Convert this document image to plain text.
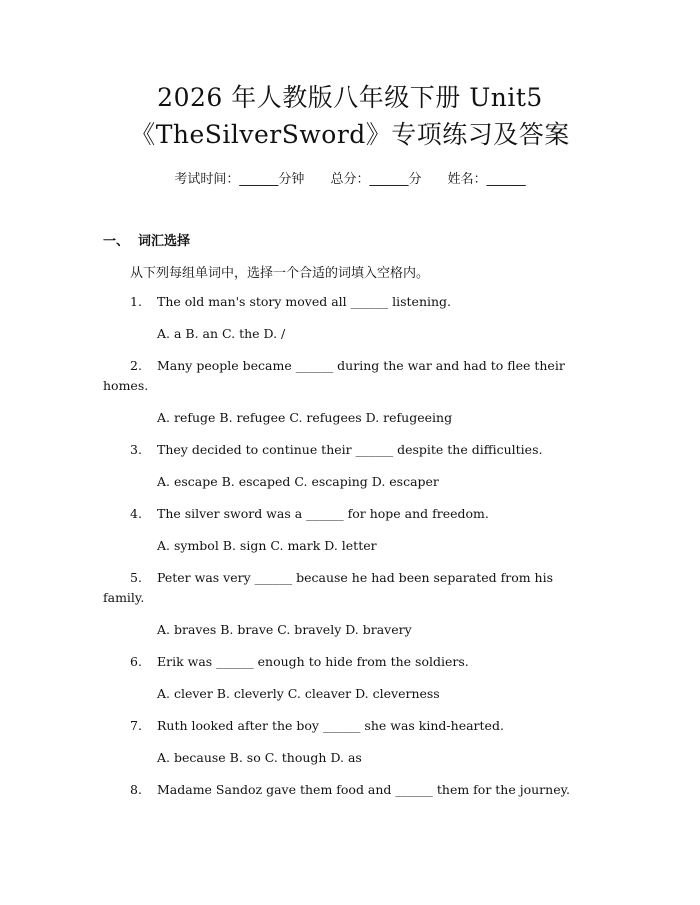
2026 年人教版八年级下册 Unit5
《TheSilverSword》专项练习及答案
考试时间：______分钟 总分：______分 姓名：______
一、 词汇选择
从下列每组单词中，选择一个合适的词填入空格内。
1. The old man's story moved all ______ listening.
A. a B. an C. the D. /
2. Many people became ______ during the war and had to flee their
homes.
A. refuge B. refugee C. refugees D. refugeeing
3. They decided to continue their ______ despite the difficulties.
A. escape B. escaped C. escaping D. escaper
4. The silver sword was a ______ for hope and freedom.
A. symbol B. sign C. mark D. letter
5. Peter was very ______ because he had been separated from his
family.
A. braves B. brave C. bravely D. bravery
6. Erik was ______ enough to hide from the soldiers.
A. clever B. cleverly C. cleaver D. cleverness
7. Ruth looked after the boy ______ she was kind-hearted.
A. because B. so C. though D. as
8. Madame Sandoz gave them food and ______ them for the journey.
